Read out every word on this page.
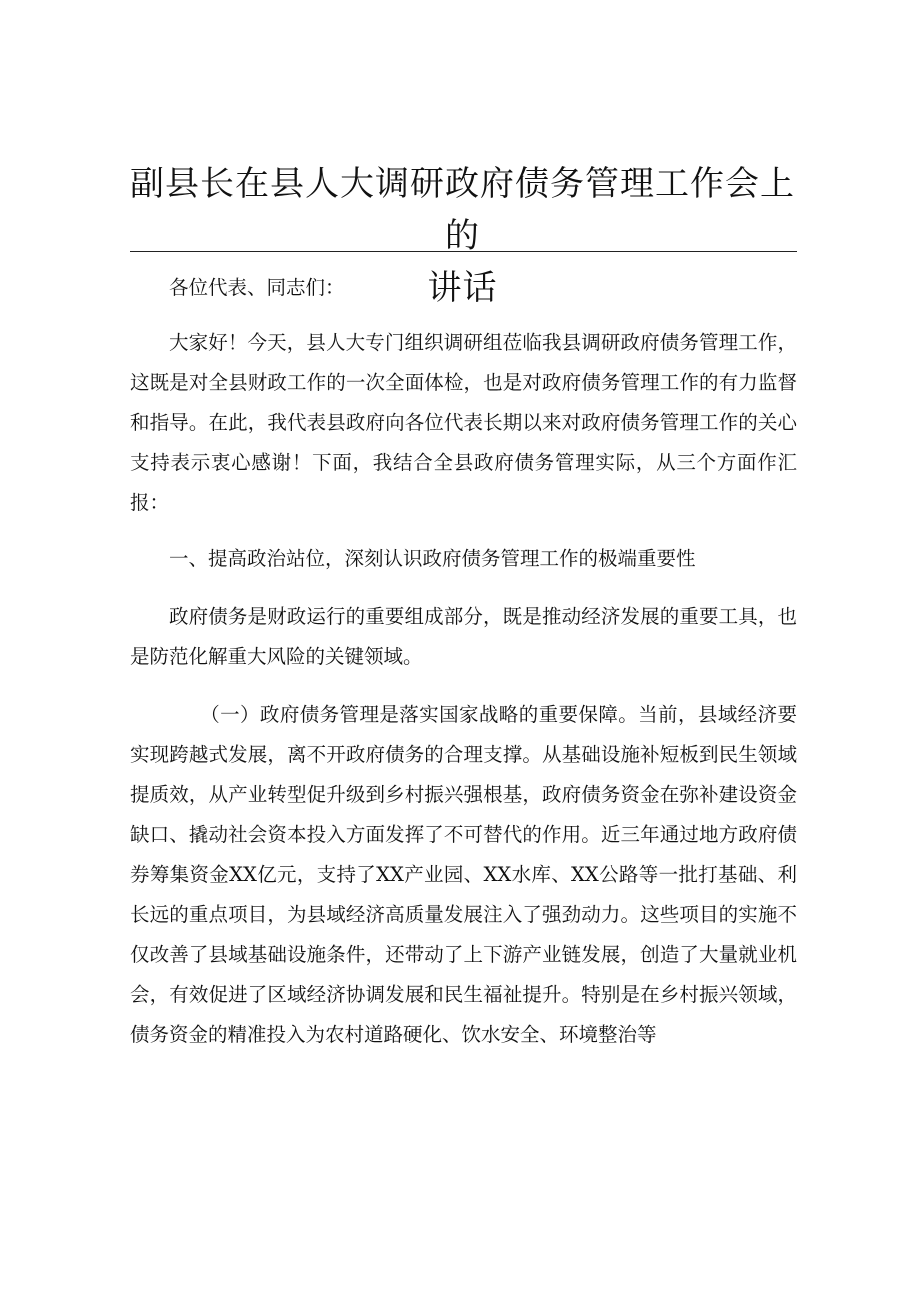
副县长在县人大调研政府债务管理工作会上的
讲话

各位代表、同志们：

大家好！今天，县人大专门组织调研组莅临我县调研政府债务管理工作，这既是对全县财政工作的一次全面体检，也是对政府债务管理工作的有力监督和指导。在此，我代表县政府向各位代表长期以来对政府债务管理工作的关心支持表示衷心感谢！下面，我结合全县政府债务管理实际，从三个方面作汇报：

一、提高政治站位，深刻认识政府债务管理工作的极端重要性

政府债务是财政运行的重要组成部分，既是推动经济发展的重要工具，也是防范化解重大风险的关键领域。

（一）政府债务管理是落实国家战略的重要保障。当前，县域经济要实现跨越式发展，离不开政府债务的合理支撑。从基础设施补短板到民生领域提质效，从产业转型促升级到乡村振兴强根基，政府债务资金在弥补建设资金缺口、撬动社会资本投入方面发挥了不可替代的作用。近三年通过地方政府债券筹集资金XX亿元，支持了XX产业园、XX水库、XX公路等一批打基础、利长远的重点项目，为县域经济高质量发展注入了强劲动力。这些项目的实施不仅改善了县域基础设施条件，还带动了上下游产业链发展，创造了大量就业机会，有效促进了区域经济协调发展和民生福祉提升。特别是在乡村振兴领域，债务资金的精准投入为农村道路硬化、饮水安全、环境整治等
